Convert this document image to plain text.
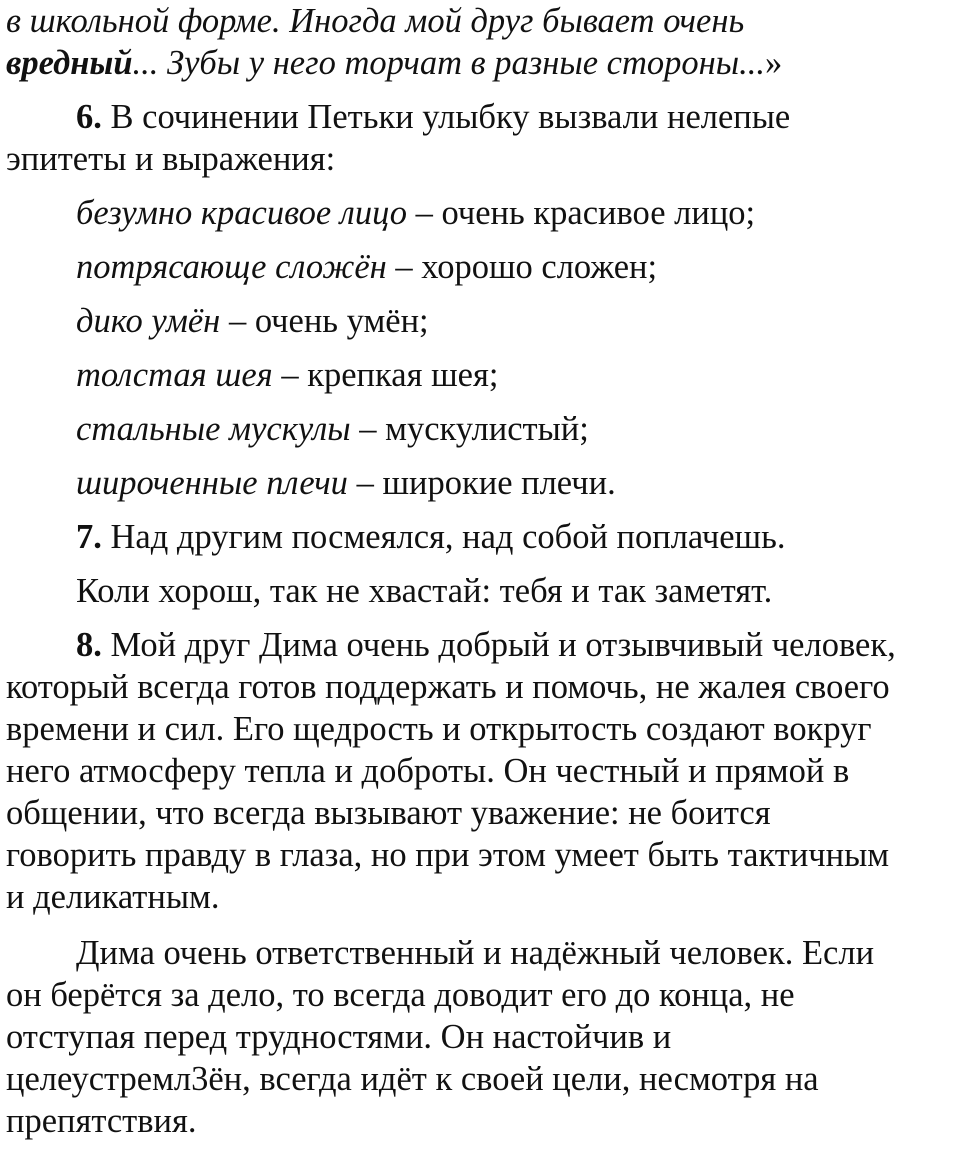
в школьной форме. Иногда мой друг бывает очень
вредный... Зубы у него торчат в разные стороны...»
6. В сочинении Петьки улыбку вызвали нелепые
эпитеты и выражения:
безумно красивое лицо – очень красивое лицо;
потрясающе сложён – хорошо сложен;
дико умён – очень умён;
толстая шея – крепкая шея;
стальные мускулы – мускулистый;
широченные плечи – широкие плечи.
7. Над другим посмеялся, над собой поплачешь.
Коли хорош, так не хвастай: тебя и так заметят.
8. Мой друг Дима очень добрый и отзывчивый человек,
который всегда готов поддержать и помочь, не жалея своего
времени и сил. Его щедрость и открытость создают вокруг
него атмосферу тепла и доброты. Он честный и прямой в
общении, что всегда вызывают уважение: не боится
говорить правду в глаза, но при этом умеет быть тактичным
и деликатным.
Дима очень ответственный и надёжный человек. Если
он берётся за дело, то всегда доводит его до конца, не
отступая перед трудностями. Он настойчив и
целеустремл3ён, всегда идёт к своей цели, несмотря на
препятствия.
